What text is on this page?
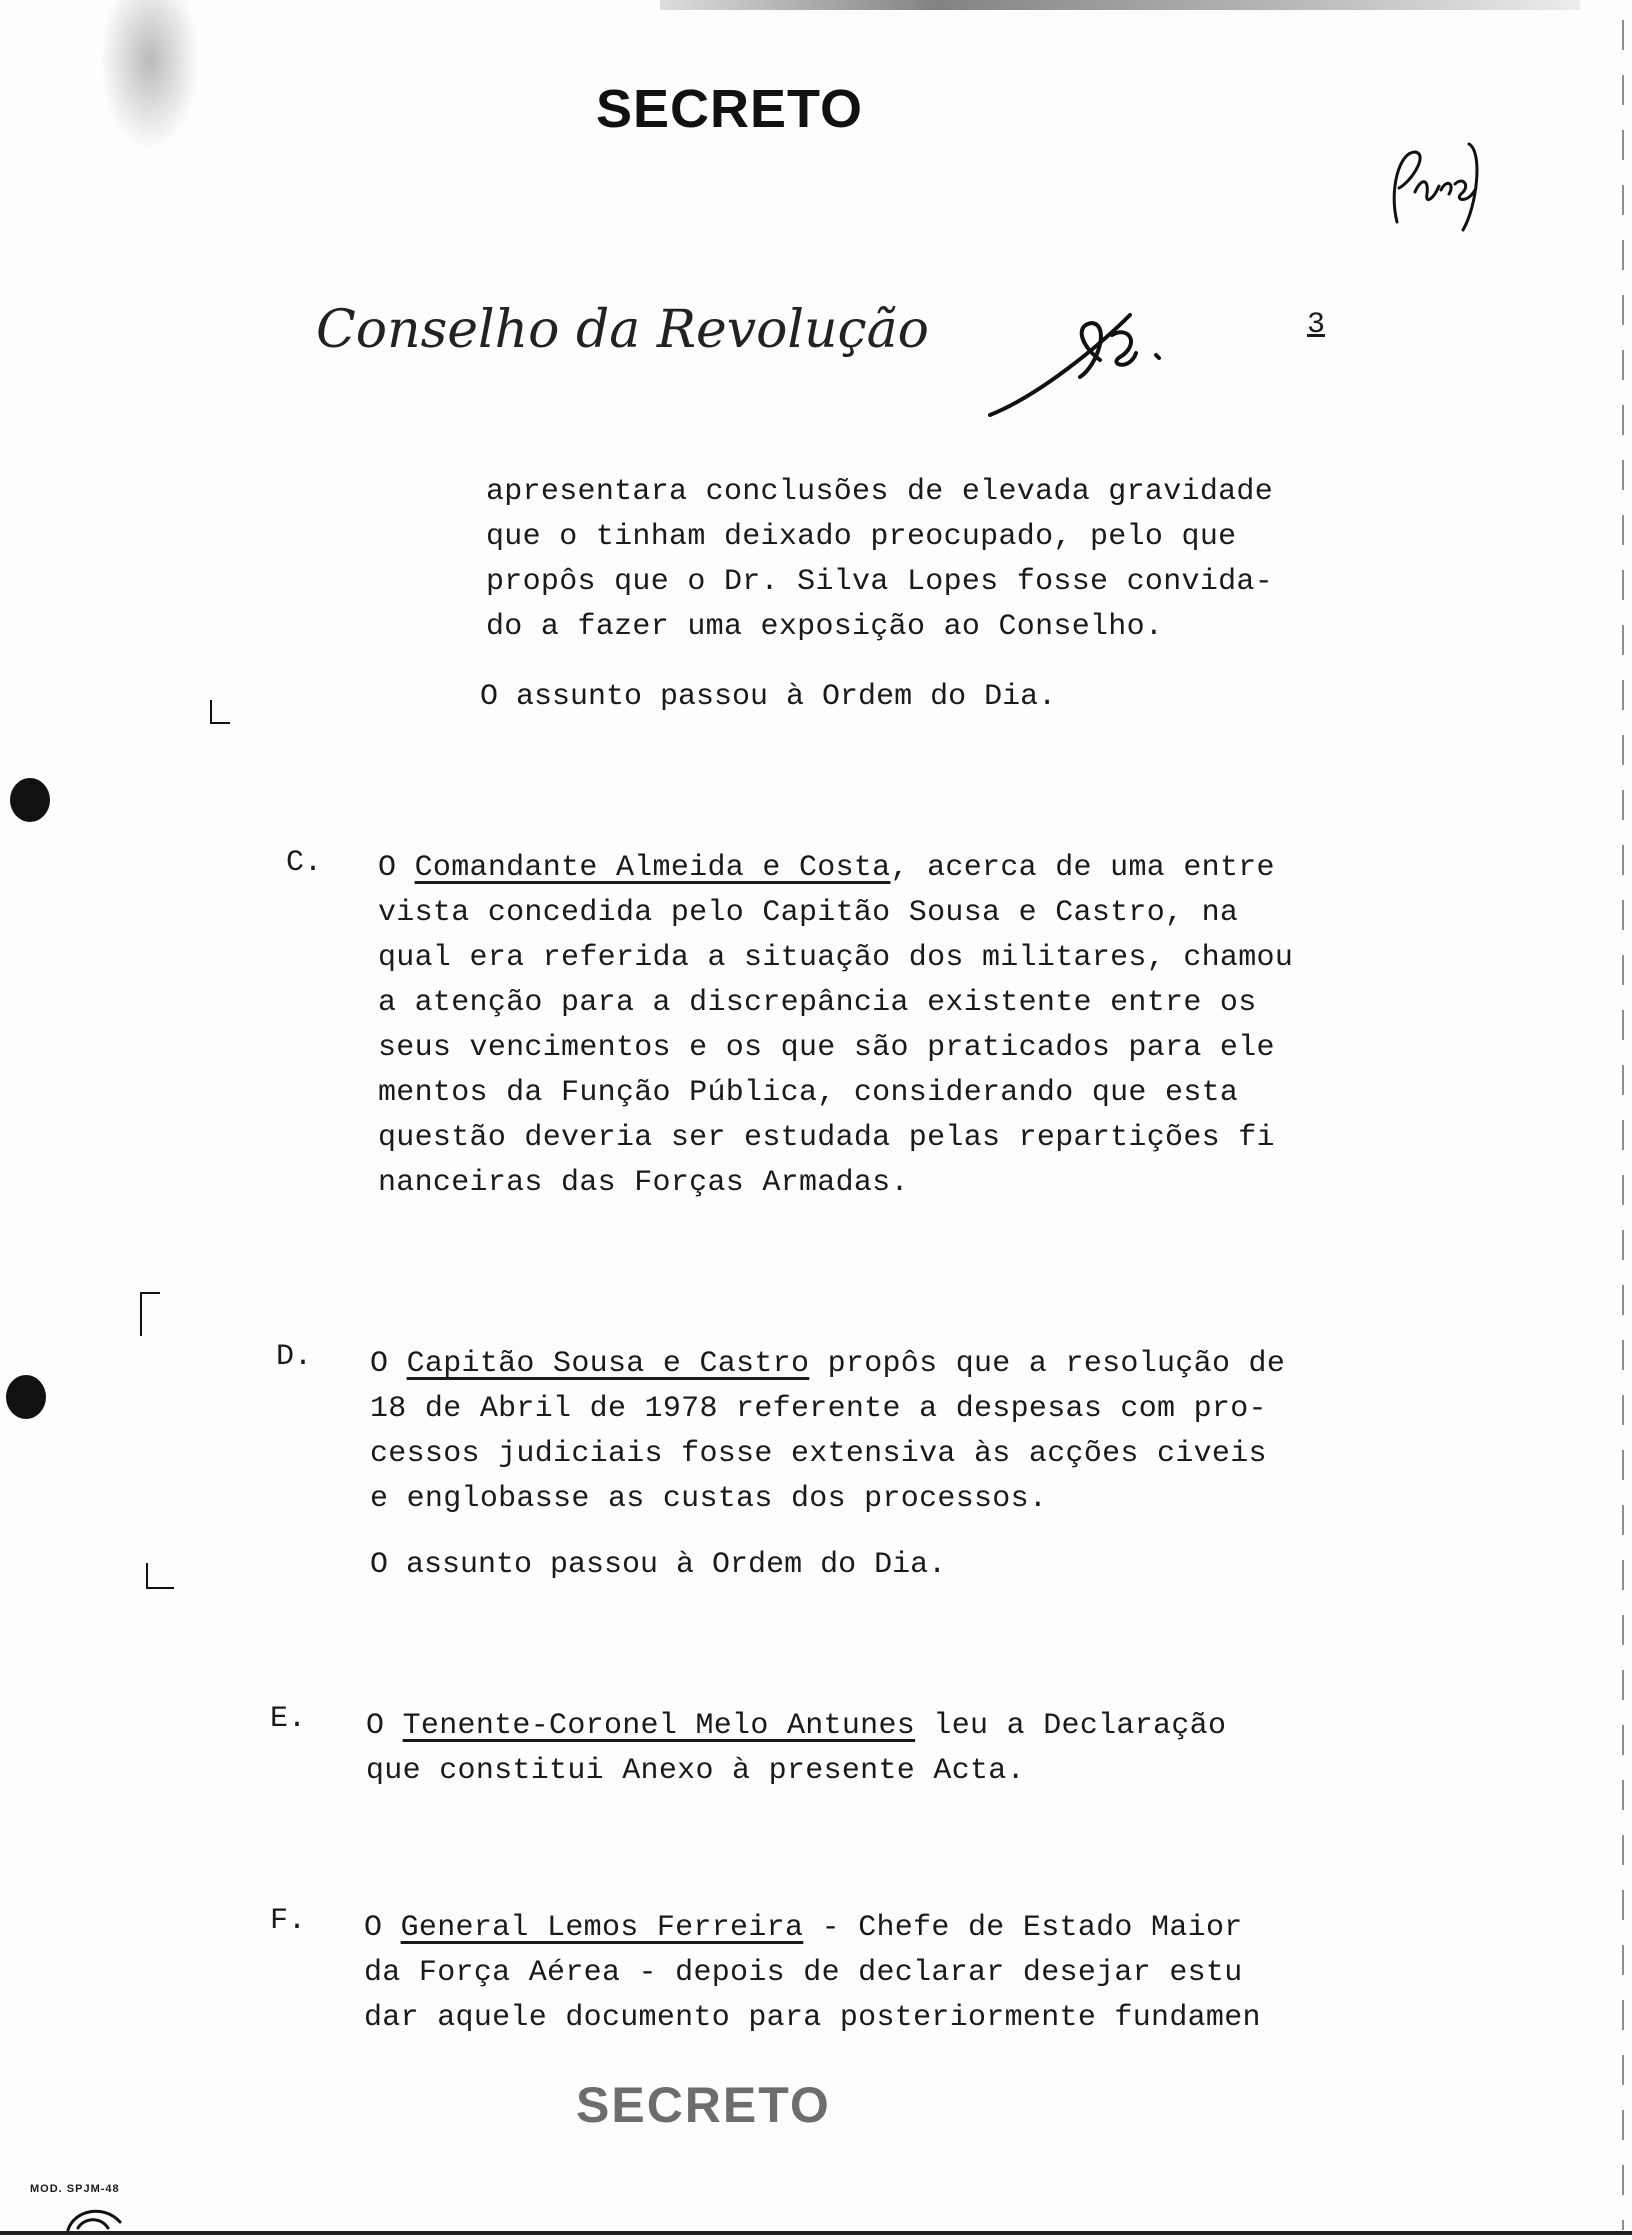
SECRETO
Conselho da Revolução	3
apresentara conclusões de elevada gravidade
que o tinham deixado preocupado, pelo que
propôs que o Dr. Silva Lopes fosse convida-
do a fazer uma exposição ao Conselho.
O assunto passou à Ordem do Dia.
C. O Comandante Almeida e Costa, acerca de uma entre
vista concedida pelo Capitão Sousa e Castro, na
qual era referida a situação dos militares, chamou
a atenção para a discrepância existente entre os
seus vencimentos e os que são praticados para ele
mentos da Função Pública, considerando que esta
questão deveria ser estudada pelas repartições fi
nanceiras das Forças Armadas.
D. O Capitão Sousa e Castro propôs que a resolução de
18 de Abril de 1978 referente a despesas com pro-
cessos judiciais fosse extensiva às acções civeis
e englobasse as custas dos processos.
O assunto passou à Ordem do Dia.
E. O Tenente-Coronel Melo Antunes leu a Declaração
que constitui Anexo à presente Acta.
F. O General Lemos Ferreira - Chefe de Estado Maior
da Força Aérea - depois de declarar desejar estu
dar aquele documento para posteriormente fundamen
SECRETO
MOD. SPJM-48
